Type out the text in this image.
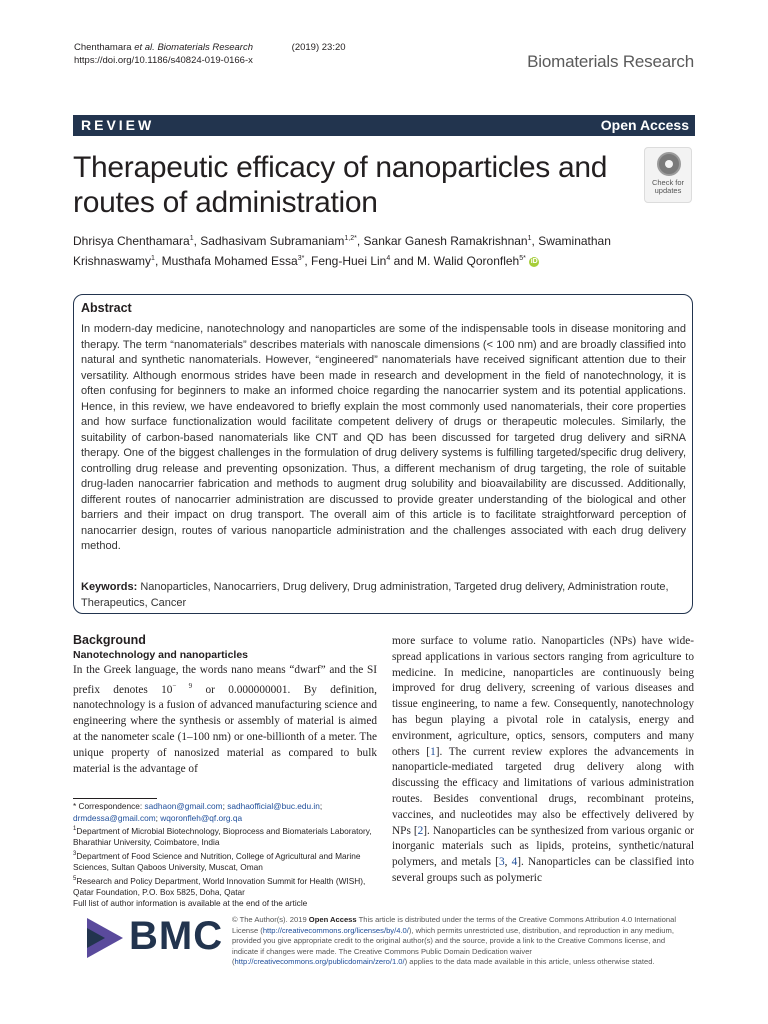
Chenthamara et al. Biomaterials Research	(2019) 23:20
https://doi.org/10.1186/s40824-019-0166-x	Biomaterials Research
REVIEW	Open Access
Therapeutic efficacy of nanoparticles and routes of administration
Check for updates
Dhrisya Chenthamara$^1$, Sadhasivam Subramaniam$^{1,2*}$, Sankar Ganesh Ramakrishnan$^1$, Swaminathan Krishnaswamy$^1$, Musthafa Mohamed Essa$^{3*}$, Feng-Huei Lin$^4$ and M. Walid Qoronfleh$^{5*}$ iD
Abstract

In modern-day medicine, nanotechnology and nanoparticles are some of the indispensable tools in disease monitoring and therapy. The term “nanomaterials” describes materials with nanoscale dimensions (< 100 nm) and are broadly classified into natural and synthetic nanomaterials. However, “engineered” nanomaterials have received significant attention due to their versatility. Although enormous strides have been made in research and development in the field of nanotechnology, it is often confusing for beginners to make an informed choice regarding the nanocarrier system and its potential applications. Hence, in this review, we have endeavored to briefly explain the most commonly used nanomaterials, their core properties and how surface functionalization would facilitate competent delivery of drugs or therapeutic molecules. Similarly, the suitability of carbon-based nanomaterials like CNT and QD has been discussed for targeted drug delivery and siRNA therapy. One of the biggest challenges in the formulation of drug delivery systems is fulfilling targeted/specific drug delivery, controlling drug release and preventing opsonization. Thus, a different mechanism of drug targeting, the role of suitable drug-laden nanocarrier fabrication and methods to augment drug solubility and bioavailability are discussed. Additionally, different routes of nanocarrier administration are discussed to provide greater understanding of the biological and other barriers and their impact on drug transport. The overall aim of this article is to facilitate straightforward perception of nanocarrier design, routes of various nanoparticle administration and the challenges associated with each drug delivery method.

Keywords: Nanoparticles, Nanocarriers, Drug delivery, Drug administration, Targeted drug delivery, Administration route, Therapeutics, Cancer

Background
Nanotechnology and nanoparticles

In the Greek language, the words nano means “dwarf” and the SI prefix denotes $10^{- 9}$ or 0.000000001. By definition, nanotechnology is a fusion of advanced manufacturing science and engineering where the synthesis or assembly of material is aimed at the nanometer scale (1–100 nm) or one-billionth of a meter. The unique property of nanosized material as compared to bulk material is the advantage of

more surface to volume ratio. Nanoparticles (NPs) have wide-spread applications in various sectors ranging from agriculture to medicine. In medicine, nanoparticles are continuously being improved for drug delivery, screening of various diseases and tissue engineering, to name a few. Consequently, nanotechnology has begun playing a pivotal role in catalysis, energy and environment, agriculture, optics, sensors, computers and many others [1]. The current review explores the advancements in nanoparticle-mediated targeted drug delivery along with discussing the efficacy and limitations of various administration routes. Besides conventional drugs, recombinant proteins, vaccines, and nucleotides may also be effectively delivered by NPs [2]. Nanoparticles can be synthesized from various organic or inorganic materials such as lipids, proteins, synthetic/natural polymers, and metals [3, 4]. Nanoparticles can be classified into several groups such as polymeric

* Correspondence: sadhaon@gmail.com; sadhaofficial@buc.edu.in;
drmdessa@gmail.com; wqoronfleh@qf.org.qa

$^1$Department of Microbial Biotechnology, Bioprocess and Biomaterials Laboratory, Bharathiar University, Coimbatore, India

$^3$Department of Food Science and Nutrition, College of Agricultural and Marine Sciences, Sultan Qaboos University, Muscat, Oman

$^5$Research and Policy Department, World Innovation Summit for Health (WISH), Qatar Foundation, P.O. Box 5825, Doha, Qatar

Full list of author information is available at the end of the article

BMC © The Author(s). 2019 Open Access This article is distributed under the terms of the Creative Commons Attribution 4.0 International License (http://creativecommons.org/licenses/by/4.0/), which permits unrestricted use, distribution, and reproduction in any medium, provided you give appropriate credit to the original author(s) and the source, provide a link to the Creative Commons license, and indicate if changes were made. The Creative Commons Public Domain Dedication waiver (http://creativecommons.org/publicdomain/zero/1.0/) applies to the data made available in this article, unless otherwise stated.
